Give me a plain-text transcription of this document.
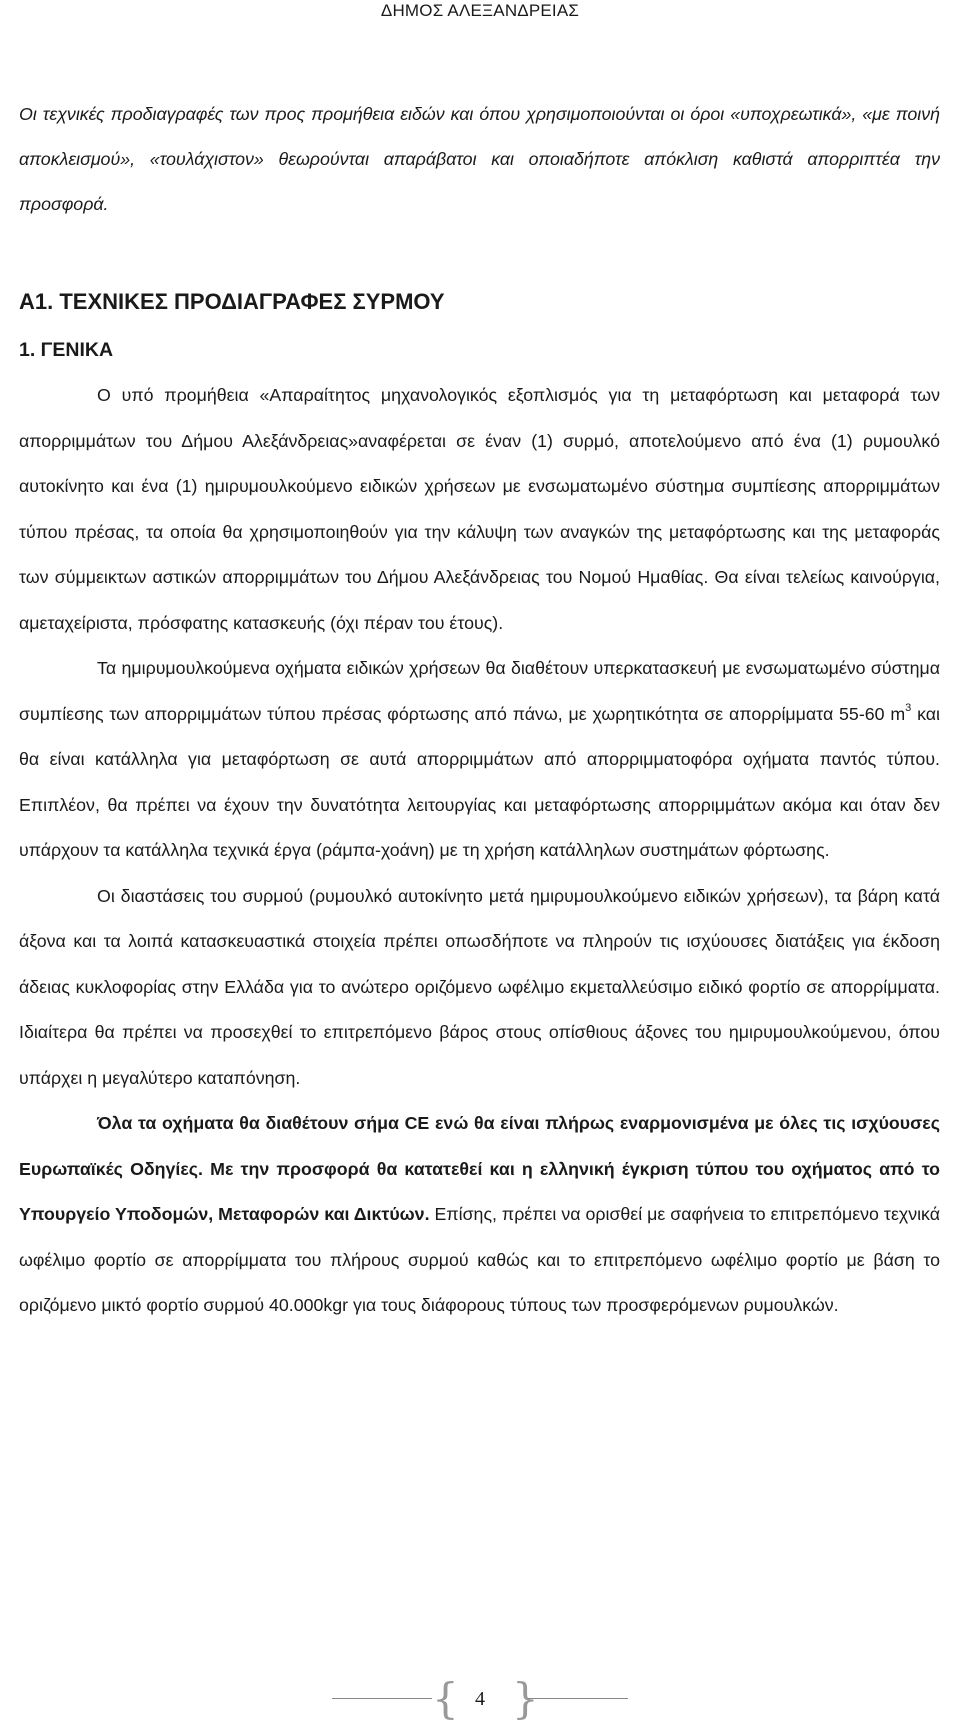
ΔΗΜΟΣ ΑΛΕΞΑΝΔΡΕΙΑΣ

Οι τεχνικές προδιαγραφές των προς προμήθεια ειδών και όπου χρησιμοποιούνται οι όροι «υποχρεωτικά», «με ποινή αποκλεισμού», «τουλάχιστον» θεωρούνται απαράβατοι και οποιαδήποτε απόκλιση καθιστά απορριπτέα την προσφορά.

Α1. ΤΕΧΝΙΚΕΣ ΠΡΟΔΙΑΓΡΑΦΕΣ ΣΥΡΜΟΥ
1. ΓΕΝΙΚΑ

Ο υπό προμήθεια «Απαραίτητος μηχανολογικός εξοπλισμός για τη μεταφόρτωση και μεταφορά των απορριμμάτων του Δήμου Αλεξάνδρειας»αναφέρεται σε έναν (1) συρμό, αποτελούμενο από ένα (1) ρυμουλκό αυτοκίνητο και ένα (1) ημιρυμουλκούμενο ειδικών χρήσεων με ενσωματωμένο σύστημα συμπίεσης απορριμμάτων τύπου πρέσας, τα οποία θα χρησιμοποιηθούν για την κάλυψη των αναγκών της μεταφόρτωσης και της μεταφοράς των σύμμεικτων αστικών απορριμμάτων του Δήμου Αλεξάνδρειας του Νομού Ημαθίας. Θα είναι τελείως καινούργια, αμεταχείριστα, πρόσφατης κατασκευής (όχι πέραν του έτους).

Τα ημιρυμουλκούμενα οχήματα ειδικών χρήσεων θα διαθέτουν υπερκατασκευή με ενσωματωμένο σύστημα συμπίεσης των απορριμμάτων τύπου πρέσας φόρτωσης από πάνω, με χωρητικότητα σε απορρίμματα 55-60 $m^3$ και θα είναι κατάλληλα για μεταφόρτωση σε αυτά απορριμμάτων από απορριμματοφόρα οχήματα παντός τύπου. Επιπλέον, θα πρέπει να έχουν την δυνατότητα λειτουργίας και μεταφόρτωσης απορριμμάτων ακόμα και όταν δεν υπάρχουν τα κατάλληλα τεχνικά έργα (ράμπα-χοάνη) με τη χρήση κατάλληλων συστημάτων φόρτωσης.

Οι διαστάσεις του συρμού (ρυμουλκό αυτοκίνητο μετά ημιρυμουλκούμενο ειδικών χρήσεων), τα βάρη κατά άξονα και τα λοιπά κατασκευαστικά στοιχεία πρέπει οπωσδήποτε να πληρούν τις ισχύουσες διατάξεις για έκδοση άδειας κυκλοφορίας στην Ελλάδα για το ανώτερο οριζόμενο ωφέλιμο εκμεταλλεύσιμο ειδικό φορτίο σε απορρίμματα. Ιδιαίτερα θα πρέπει να προσεχθεί το επιτρεπόμενο βάρος στους οπίσθιους άξονες του ημιρυμουλκούμενου, όπου υπάρχει η μεγαλύτερο καταπόνηση.

Όλα τα οχήματα θα διαθέτουν σήμα CE ενώ θα είναι πλήρως εναρμονισμένα με όλες τις ισχύουσες Ευρωπαϊκές Οδηγίες. Με την προσφορά θα κατατεθεί και η ελληνική έγκριση τύπου του οχήματος από το Υπουργείο Υποδομών, Μεταφορών και Δικτύων. Επίσης, πρέπει να ορισθεί με σαφήνεια το επιτρεπόμενο τεχνικά ωφέλιμο φορτίο σε απορρίμματα του πλήρους συρμού καθώς και το επιτρεπόμενο ωφέλιμο φορτίο με βάση το οριζόμενο μικτό φορτίο συρμού 40.000kgr για τους διάφορους τύπους των προσφερόμενων ρυμουλκών.

{ 4 }
